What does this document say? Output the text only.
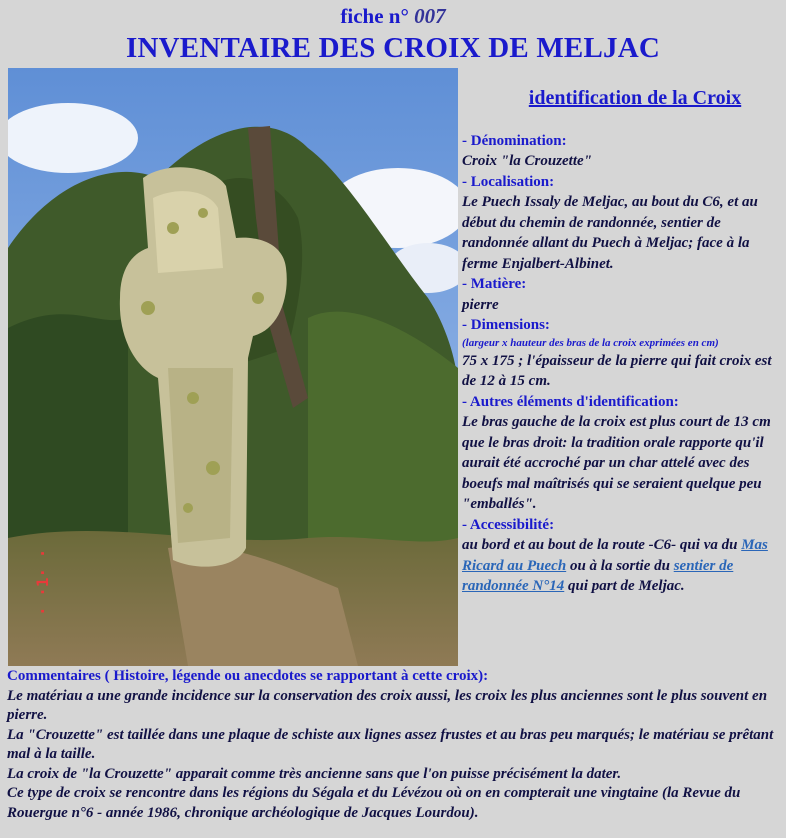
fiche n° 007
INVENTAIRE DES CROIX DE MELJAC
· ·1· ·
identification de la Croix
- Dénomination:
Croix "la Crouzette"
- Localisation:
Le Puech Issaly de Meljac, au bout du C6, et au début du chemin de randonnée, sentier de randonnée allant du Puech à Meljac; face à la ferme Enjalbert-Albinet.
- Matière:
pierre
- Dimensions:
(largeur x hauteur des bras de la croix exprimées en cm)
75 x 175 ; l'épaisseur de la pierre qui fait croix est de 12 à 15 cm.
- Autres éléments d'identification:
Le bras gauche de la croix est plus court de 13 cm que le bras droit: la tradition orale rapporte qu'il aurait été accroché par un char attelé avec des boeufs mal maîtrisés qui se seraient quelque peu "emballés".
- Accessibilité:
au bord et au bout de la route -C6- qui va du Mas Ricard au Puech ou à la sortie du sentier de randonnée N°14 qui part de Meljac.
Commentaires ( Histoire, légende ou anecdotes se rapportant à cette croix):

Le matériau a une grande incidence sur la conservation des croix aussi, les croix les plus anciennes sont le plus souvent en pierre.

La "Crouzette" est taillée dans une plaque de schiste aux lignes assez frustes et au bras peu marqués; le matériau se prêtant mal à la taille.

La croix de "la Crouzette" apparait comme très ancienne sans que l'on puisse précisément la dater.

Ce type de croix se rencontre dans les régions du Ségala et du Lévézou où on en compterait une vingtaine (la Revue du Rouergue n°6 - année 1986, chronique archéologique de Jacques Lourdou).
